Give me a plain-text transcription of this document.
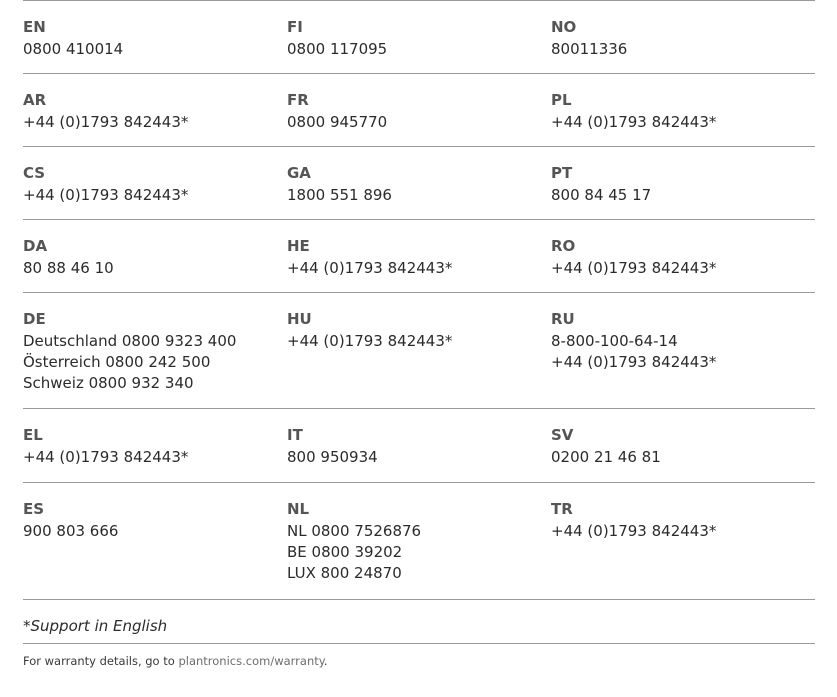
EN
0800 410014
FI
0800 117095
NO
80011336
AR
+44 (0)1793 842443*
FR
0800 945770
PL
+44 (0)1793 842443*
CS
+44 (0)1793 842443*
GA
1800 551 896
PT
800 84 45 17
DA
80 88 46 10
HE
+44 (0)1793 842443*
RO
+44 (0)1793 842443*
DE
Deutschland 0800 9323 400
Österreich 0800 242 500
Schweiz 0800 932 340
HU
+44 (0)1793 842443*
RU
8-800-100-64-14
+44 (0)1793 842443*
EL
+44 (0)1793 842443*
IT
800 950934
SV
0200 21 46 81
ES
900 803 666
NL
NL 0800 7526876
BE 0800 39202
LUX 800 24870
TR
+44 (0)1793 842443*
*Support in English
For warranty details, go to plantronics.com/warranty.
